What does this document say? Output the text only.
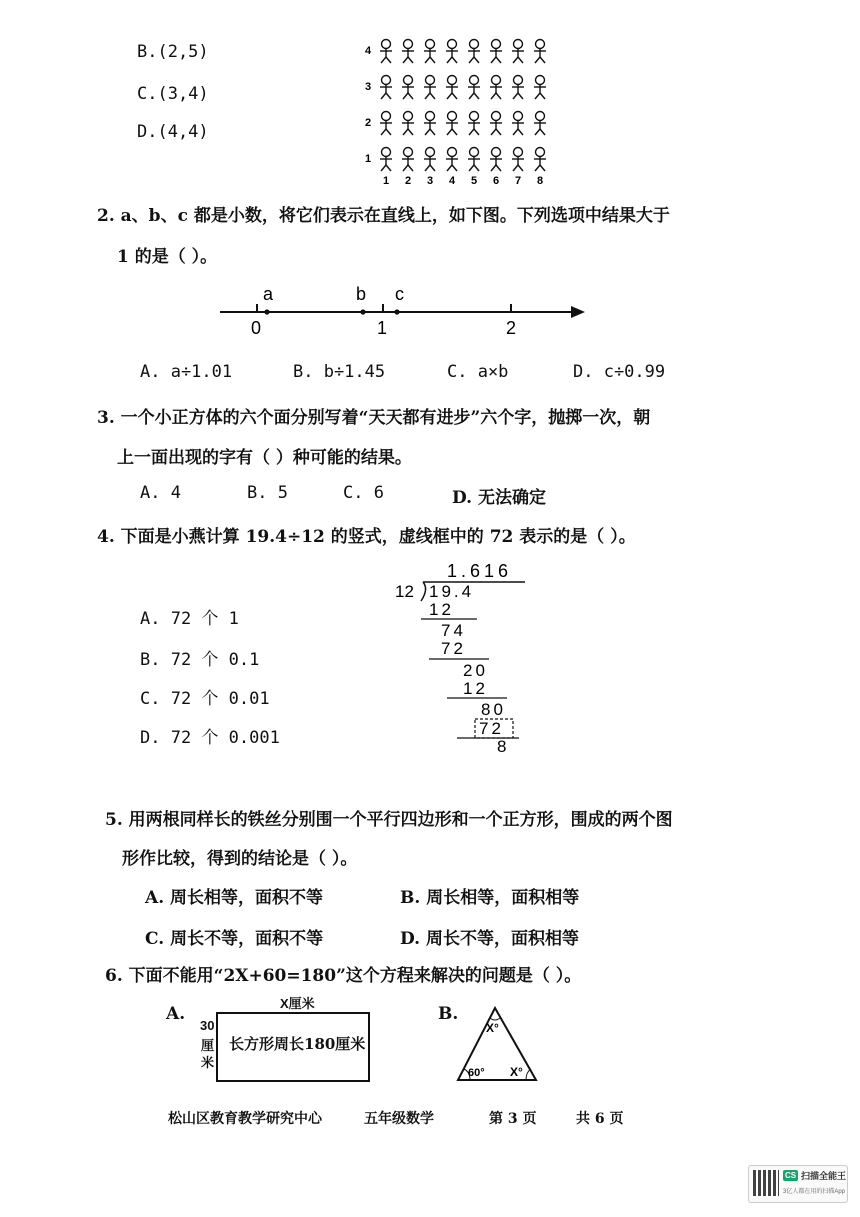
B.(2,5)
C.(3,4)
D.(4,4)
4
3
2
1
1 2 3 4 5 6 7 8
2. a、b、c 都是小数，将它们表示在直线上，如下图。下列选项中结果大于
1 的是（ ）。
a	b c
0	1	2
A. a÷1.01	B. b÷1.45	C. a×b	D. c÷0.99
3. 一个小正方体的六个面分别写着“天天都有进步”六个字，抛掷一次，朝
上一面出现的字有（ ）种可能的结果。
A. 4	B. 5	C. 6	D. 无法确定
4. 下面是小燕计算 19.4÷12 的竖式，虚线框中的 72 表示的是（ ）。
A. 72 个 1
B. 72 个 0.1
C. 72 个 0.01
D. 72 个 0.001
1.616
12 19.4
12
74
72
20
12
80
72
8
5. 用两根同样长的铁丝分别围一个平行四边形和一个正方形，围成的两个图
形作比较，得到的结论是（ ）。
A. 周长相等，面积不等	B. 周长相等，面积相等
C. 周长不等，面积不等	D. 周长不等，面积相等
6. 下面不能用“2X+60=180”这个方程来解决的问题是（ ）。
A.
X厘米
30
厘
米
长方形周长180厘米
B.
X°
60° X°
松山区教育教学研究中心	五年级数学	第 3 页	共 6 页
CS 扫描全能王
3亿人都在用的扫描App
